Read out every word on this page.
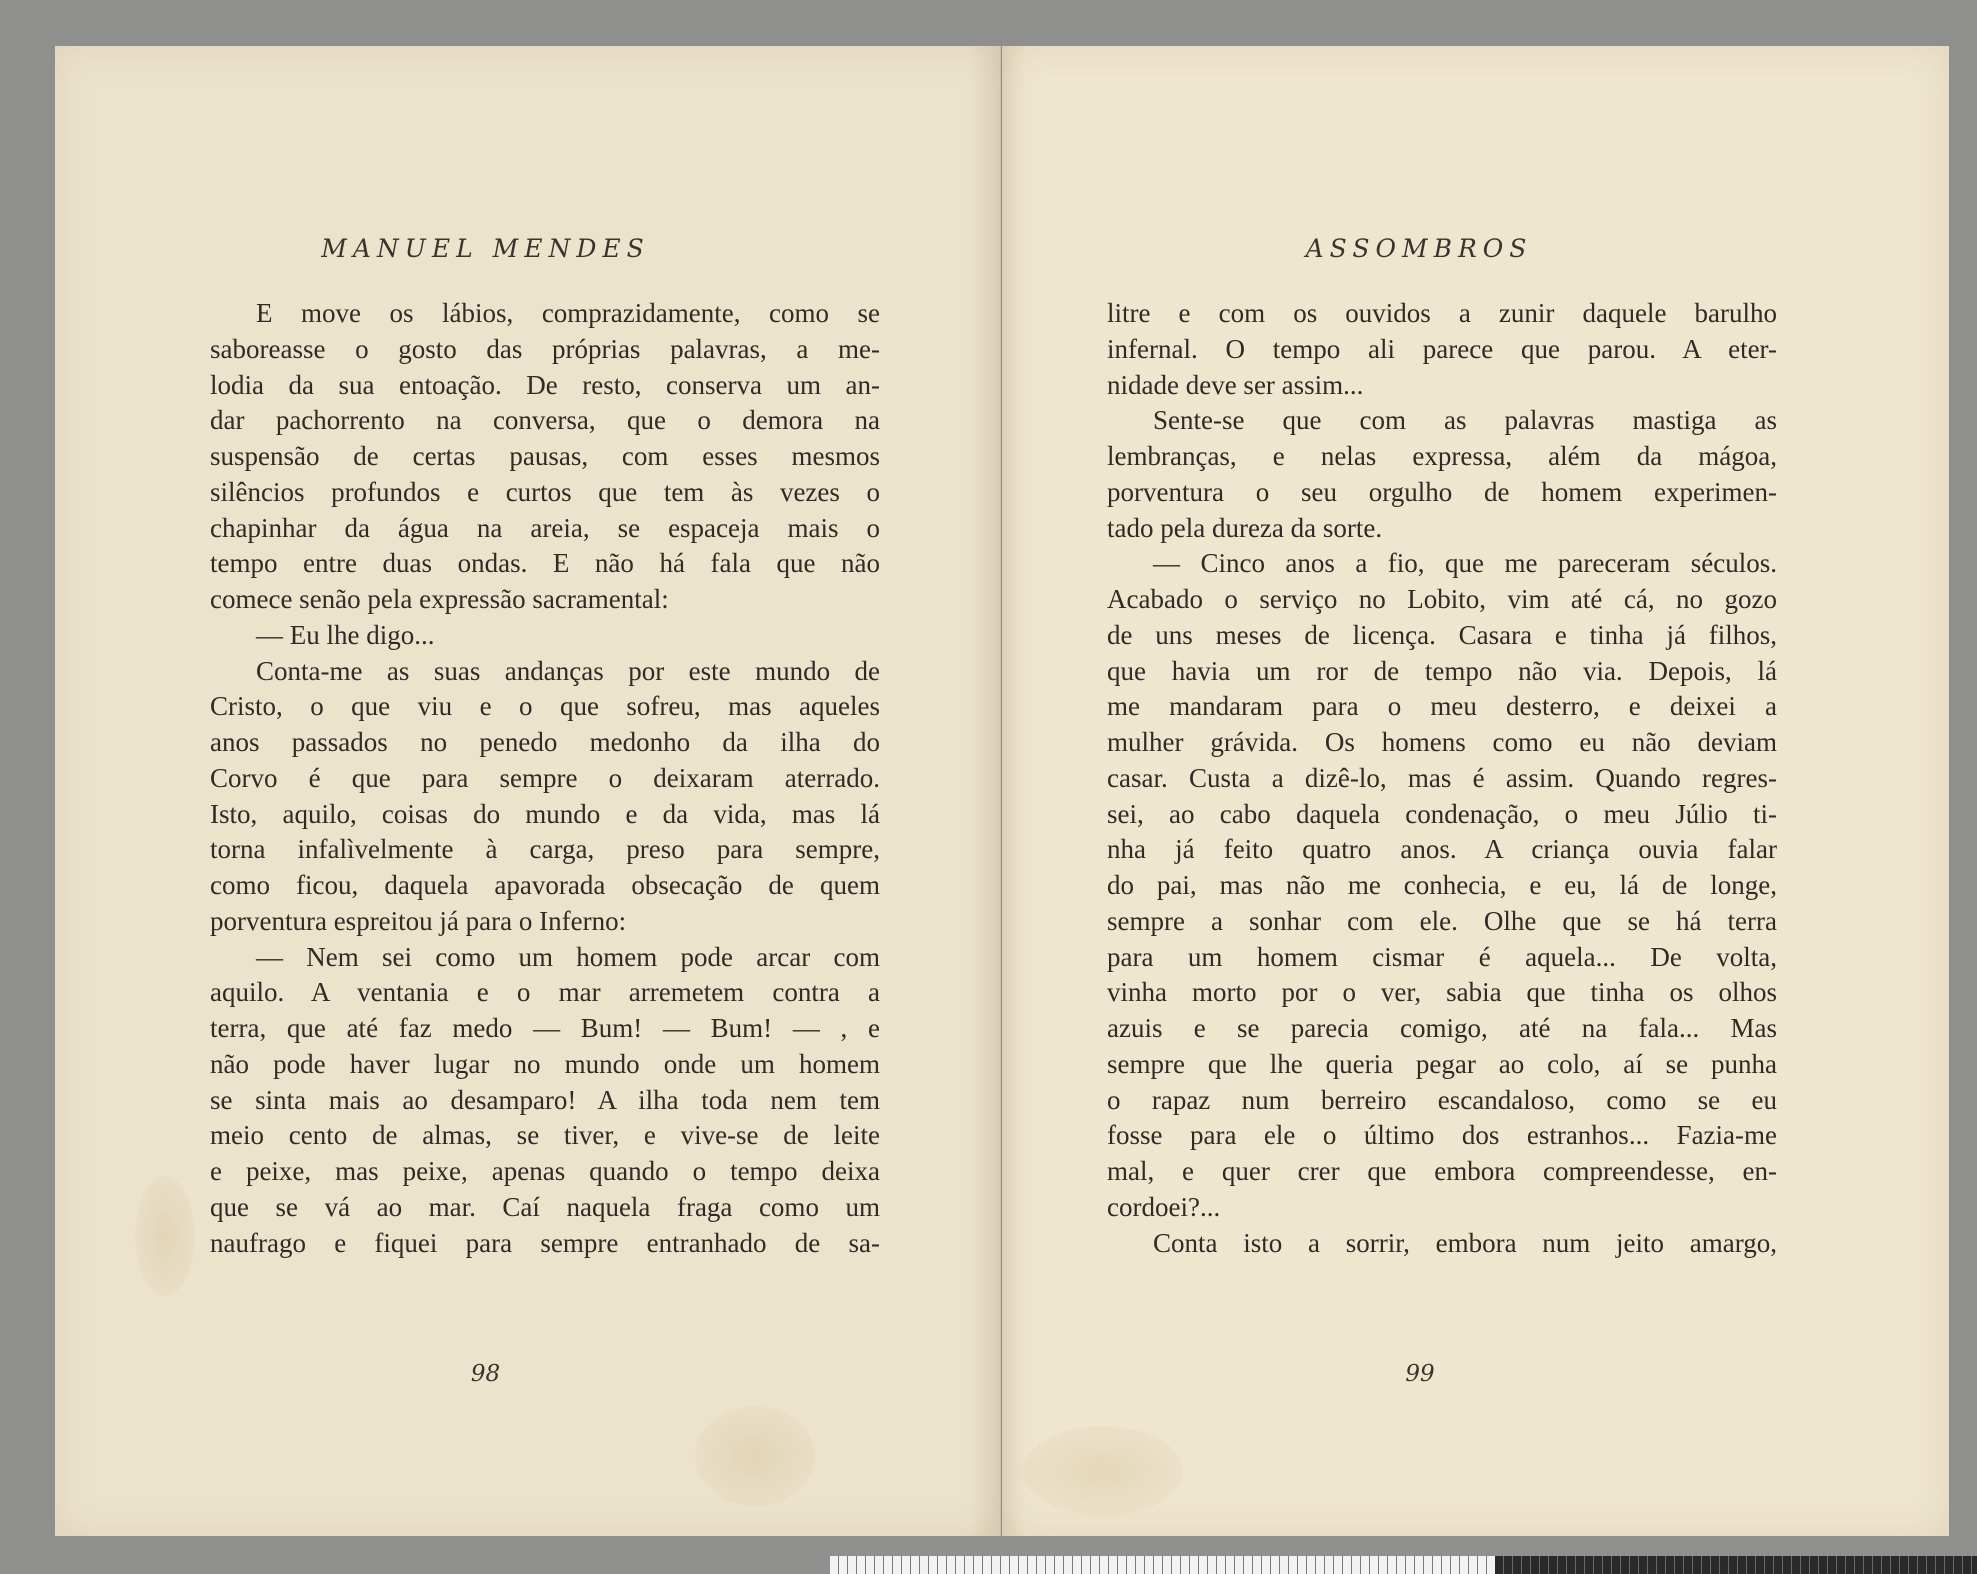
MANUEL MENDES
E move os lábios, comprazidamente, como se
saboreasse o gosto das próprias palavras, a me-
lodia da sua entoação. De resto, conserva um an-
dar pachorrento na conversa, que o demora na
suspensão de certas pausas, com esses mesmos
silêncios profundos e curtos que tem às vezes o
chapinhar da água na areia, se espaceja mais o
tempo entre duas ondas. E não há fala que não
comece senão pela expressão sacramental:
— Eu lhe digo...
Conta-me as suas andanças por este mundo de
Cristo, o que viu e o que sofreu, mas aqueles
anos passados no penedo medonho da ilha do
Corvo é que para sempre o deixaram aterrado.
Isto, aquilo, coisas do mundo e da vida, mas lá
torna infalìvelmente à carga, preso para sempre,
como ficou, daquela apavorada obsecação de quem
porventura espreitou já para o Inferno:
— Nem sei como um homem pode arcar com
aquilo. A ventania e o mar arremetem contra a
terra, que até faz medo — Bum! — Bum! — , e
não pode haver lugar no mundo onde um homem
se sinta mais ao desamparo! A ilha toda nem tem
meio cento de almas, se tiver, e vive-se de leite
e peixe, mas peixe, apenas quando o tempo deixa
que se vá ao mar. Caí naquela fraga como um
naufrago e fiquei para sempre entranhado de sa-
98
ASSOMBROS
litre e com os ouvidos a zunir daquele barulho
infernal. O tempo ali parece que parou. A eter-
nidade deve ser assim...
Sente-se que com as palavras mastiga as
lembranças, e nelas expressa, além da mágoa,
porventura o seu orgulho de homem experimen-
tado pela dureza da sorte.
— Cinco anos a fio, que me pareceram séculos.
Acabado o serviço no Lobito, vim até cá, no gozo
de uns meses de licença. Casara e tinha já filhos,
que havia um ror de tempo não via. Depois, lá
me mandaram para o meu desterro, e deixei a
mulher grávida. Os homens como eu não deviam
casar. Custa a dizê-lo, mas é assim. Quando regres-
sei, ao cabo daquela condenação, o meu Júlio ti-
nha já feito quatro anos. A criança ouvia falar
do pai, mas não me conhecia, e eu, lá de longe,
sempre a sonhar com ele. Olhe que se há terra
para um homem cismar é aquela... De volta,
vinha morto por o ver, sabia que tinha os olhos
azuis e se parecia comigo, até na fala... Mas
sempre que lhe queria pegar ao colo, aí se punha
o rapaz num berreiro escandaloso, como se eu
fosse para ele o último dos estranhos... Fazia-me
mal, e quer crer que embora compreendesse, en-
cordoei?...
Conta isto a sorrir, embora num jeito amargo,
99
